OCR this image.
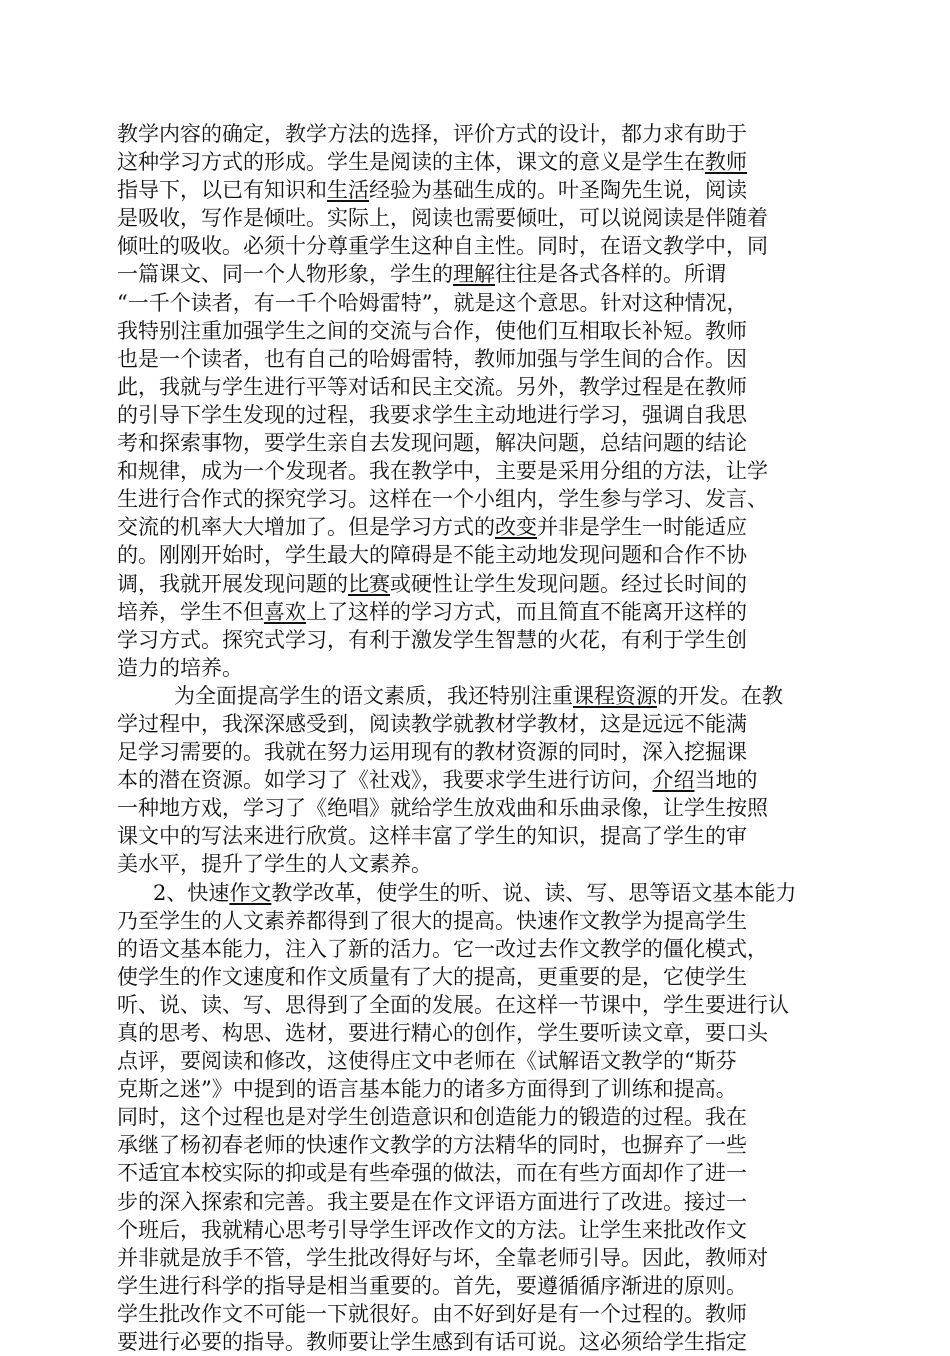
教学内容的确定，教学方法的选择，评价方式的设计，都力求有助于
这种学习方式的形成。学生是阅读的主体，课文的意义是学生在教师
指导下，以已有知识和生活经验为基础生成的。叶圣陶先生说，阅读
是吸收，写作是倾吐。实际上，阅读也需要倾吐，可以说阅读是伴随着
倾吐的吸收。必须十分尊重学生这种自主性。同时，在语文教学中，同
一篇课文、同一个人物形象，学生的理解往往是各式各样的。所谓
“一千个读者，有一千个哈姆雷特”，就是这个意思。针对这种情况，
我特别注重加强学生之间的交流与合作，使他们互相取长补短。教师
也是一个读者，也有自己的哈姆雷特，教师加强与学生间的合作。因
此，我就与学生进行平等对话和民主交流。另外，教学过程是在教师
的引导下学生发现的过程，我要求学生主动地进行学习，强调自我思
考和探索事物，要学生亲自去发现问题，解决问题，总结问题的结论
和规律，成为一个发现者。我在教学中，主要是采用分组的方法，让学
生进行合作式的探究学习。这样在一个小组内，学生参与学习、发言、
交流的机率大大增加了。但是学习方式的改变并非是学生一时能适应
的。刚刚开始时，学生最大的障碍是不能主动地发现问题和合作不协
调，我就开展发现问题的比赛或硬性让学生发现问题。经过长时间的
培养，学生不但喜欢上了这样的学习方式，而且简直不能离开这样的
学习方式。探究式学习，有利于激发学生智慧的火花，有利于学生创
造力的培养。

为全面提高学生的语文素质，我还特别注重课程资源的开发。在教
学过程中，我深深感受到，阅读教学就教材学教材，这是远远不能满
足学习需要的。我就在努力运用现有的教材资源的同时，深入挖掘课
本的潜在资源。如学习了《社戏》，我要求学生进行访问，介绍当地的
一种地方戏，学习了《绝唱》就给学生放戏曲和乐曲录像，让学生按照
课文中的写法来进行欣赏。这样丰富了学生的知识，提高了学生的审
美水平，提升了学生的人文素养。

2、快速作文教学改革，使学生的听、说、读、写、思等语文基本能力
乃至学生的人文素养都得到了很大的提高。快速作文教学为提高学生
的语文基本能力，注入了新的活力。它一改过去作文教学的僵化模式，
使学生的作文速度和作文质量有了大的提高，更重要的是，它使学生
听、说、读、写、思得到了全面的发展。在这样一节课中，学生要进行认
真的思考、构思、选材，要进行精心的创作，学生要听读文章，要口头
点评，要阅读和修改，这使得庄文中老师在《试解语文教学的“斯芬
克斯之迷”》中提到的语言基本能力的诸多方面得到了训练和提高。
同时，这个过程也是对学生创造意识和创造能力的锻造的过程。我在
承继了杨初春老师的快速作文教学的方法精华的同时，也摒弃了一些
不适宜本校实际的抑或是有些牵强的做法，而在有些方面却作了进一
步的深入探索和完善。我主要是在作文评语方面进行了改进。接过一
个班后，我就精心思考引导学生评改作文的方法。让学生来批改作文
并非就是放手不管，学生批改得好与坏，全靠老师引导。因此，教师对
学生进行科学的指导是相当重要的。首先，要遵循循序渐进的原则。
学生批改作文不可能一下就很好。由不好到好是有一个过程的。教师
要进行必要的指导。教师要让学生感到有话可说。这必须给学生指定
